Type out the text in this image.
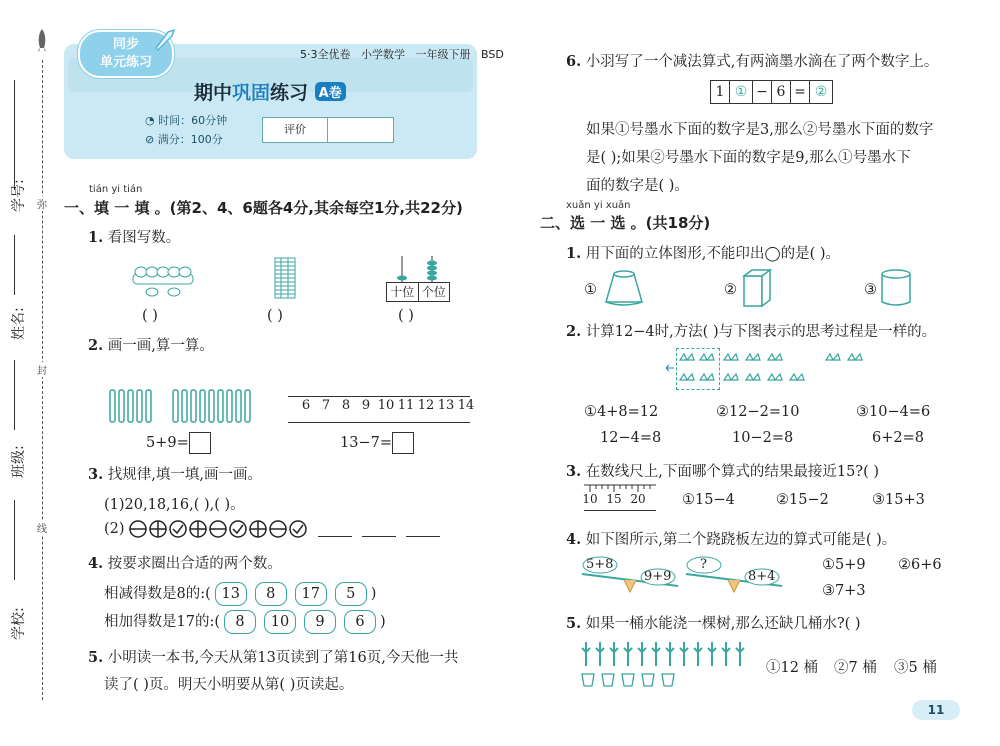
学号:
姓名:
班级:
学校:
弥
封
线
同步
单元练习
5·3全优卷 小学数学 一年级下册 BSD
期中巩固练习 A卷
◔ 时间：60分钟
⊘ 满分：100分
评价
tián yi tián
一、填 一 填 。(第2、4、6题各4分,其余每空1分,共22分)
1. 看图写数。
十位 个位
( )	( )	( )
2. 画一画,算一算。
6 7 8 9 10 11 12 13 14
5+9=	13−7=
3. 找规律,填一填,画一画。
(1)20,18,16,( ),( )。
(2)
4. 按要求圈出合适的两个数。
相减得数是8的:( 13 8 17 5 )
相加得数是17的:( 8 10 9 6 )
5. 小明读一本书,今天从第13页读到了第16页,今天他一共
读了( )页。明天小明要从第( )页读起。
6. 小羽写了一个减法算式,有两滴墨水滴在了两个数字上。
1 ① − 6 = ②
如果①号墨水下面的数字是3,那么②号墨水下面的数字
是( );如果②号墨水下面的数字是9,那么①号墨水下
面的数字是( )。
xuǎn yi xuǎn
二、选 一 选 。(共18分)
1. 用下面的立体图形,不能印出◯的是( )。
①	②	③
2. 计算12−4时,方法( )与下图表示的思考过程是一样的。
①4+8=12	②12−2=10	③10−4=6
12−4=8	10−2=8	6+2=8
3. 在数线尺上,下面哪个算式的结果最接近15?( )
10 15 20	①15−4	②15−2	③15+3
4. 如下图所示,第二个跷跷板左边的算式可能是( )。
5+8
9+9
?
8+4
①5+9 ②6+6
③7+3
5. 如果一桶水能浇一棵树,那么还缺几桶水?( )
①12 桶 ②7 桶 ③5 桶
11
